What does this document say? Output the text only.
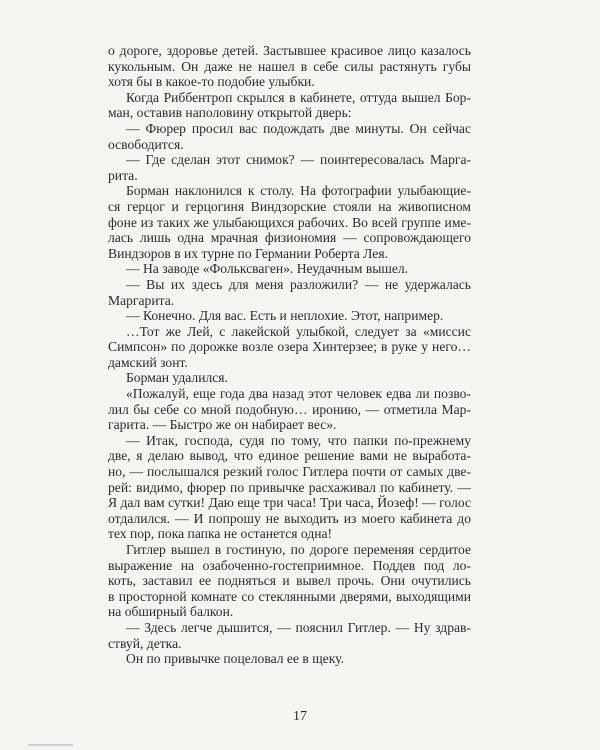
о дороге, здоровье детей. Застывшее красивое лицо казалось
кукольным. Он даже не нашел в себе силы растянуть губы
хотя бы в какое-то подобие улыбки.
Когда Риббентроп скрылся в кабинете, оттуда вышел Бор-
ман, оставив наполовину открытой дверь:
— Фюрер просил вас подождать две минуты. Он сейчас
освободится.
— Где сделан этот снимок? — поинтересовалась Марга-
рита.
Борман наклонился к столу. На фотографии улыбающие-
ся герцог и герцогиня Виндзорские стояли на живописном
фоне из таких же улыбающихся рабочих. Во всей группе име-
лась лишь одна мрачная физиономия — сопровождающего
Виндзоров в их турне по Германии Роберта Лея.
— На заводе «Фольксваген». Неудачным вышел.
— Вы их здесь для меня разложили? — не удержалась
Маргарита.
— Конечно. Для вас. Есть и неплохие. Этот, например.
…Тот же Лей, с лакейской улыбкой, следует за «миссис
Симпсон» по дорожке возле озера Хинтерзее; в руке у него…
дамский зонт.
Борман удалился.
«Пожалуй, еще года два назад этот человек едва ли позво-
лил бы себе со мной подобную… иронию, — отметила Мар-
гарита. — Быстро же он набирает вес».
— Итак, господа, судя по тому, что папки по-прежнему
две, я делаю вывод, что единое решение вами не выработа-
но, — послышался резкий голос Гитлера почти от самых две-
рей: видимо, фюрер по привычке расхаживал по кабинету. —
Я дал вам сутки! Даю еще три часа! Три часа, Йозеф! — голос
отдалился. — И попрошу не выходить из моего кабинета до
тех пор, пока папка не останется одна!
Гитлер вышел в гостиную, по дороге переменяя сердитое
выражение на озабоченно-гостеприимное. Поддев под ло-
коть, заставил ее подняться и вывел прочь. Они очутились
в просторной комнате со стеклянными дверями, выходящими
на обширный балкон.
— Здесь легче дышится, — пояснил Гитлер. — Ну здрав-
ствуй, детка.
Он по привычке поцеловал ее в щеку.
17
